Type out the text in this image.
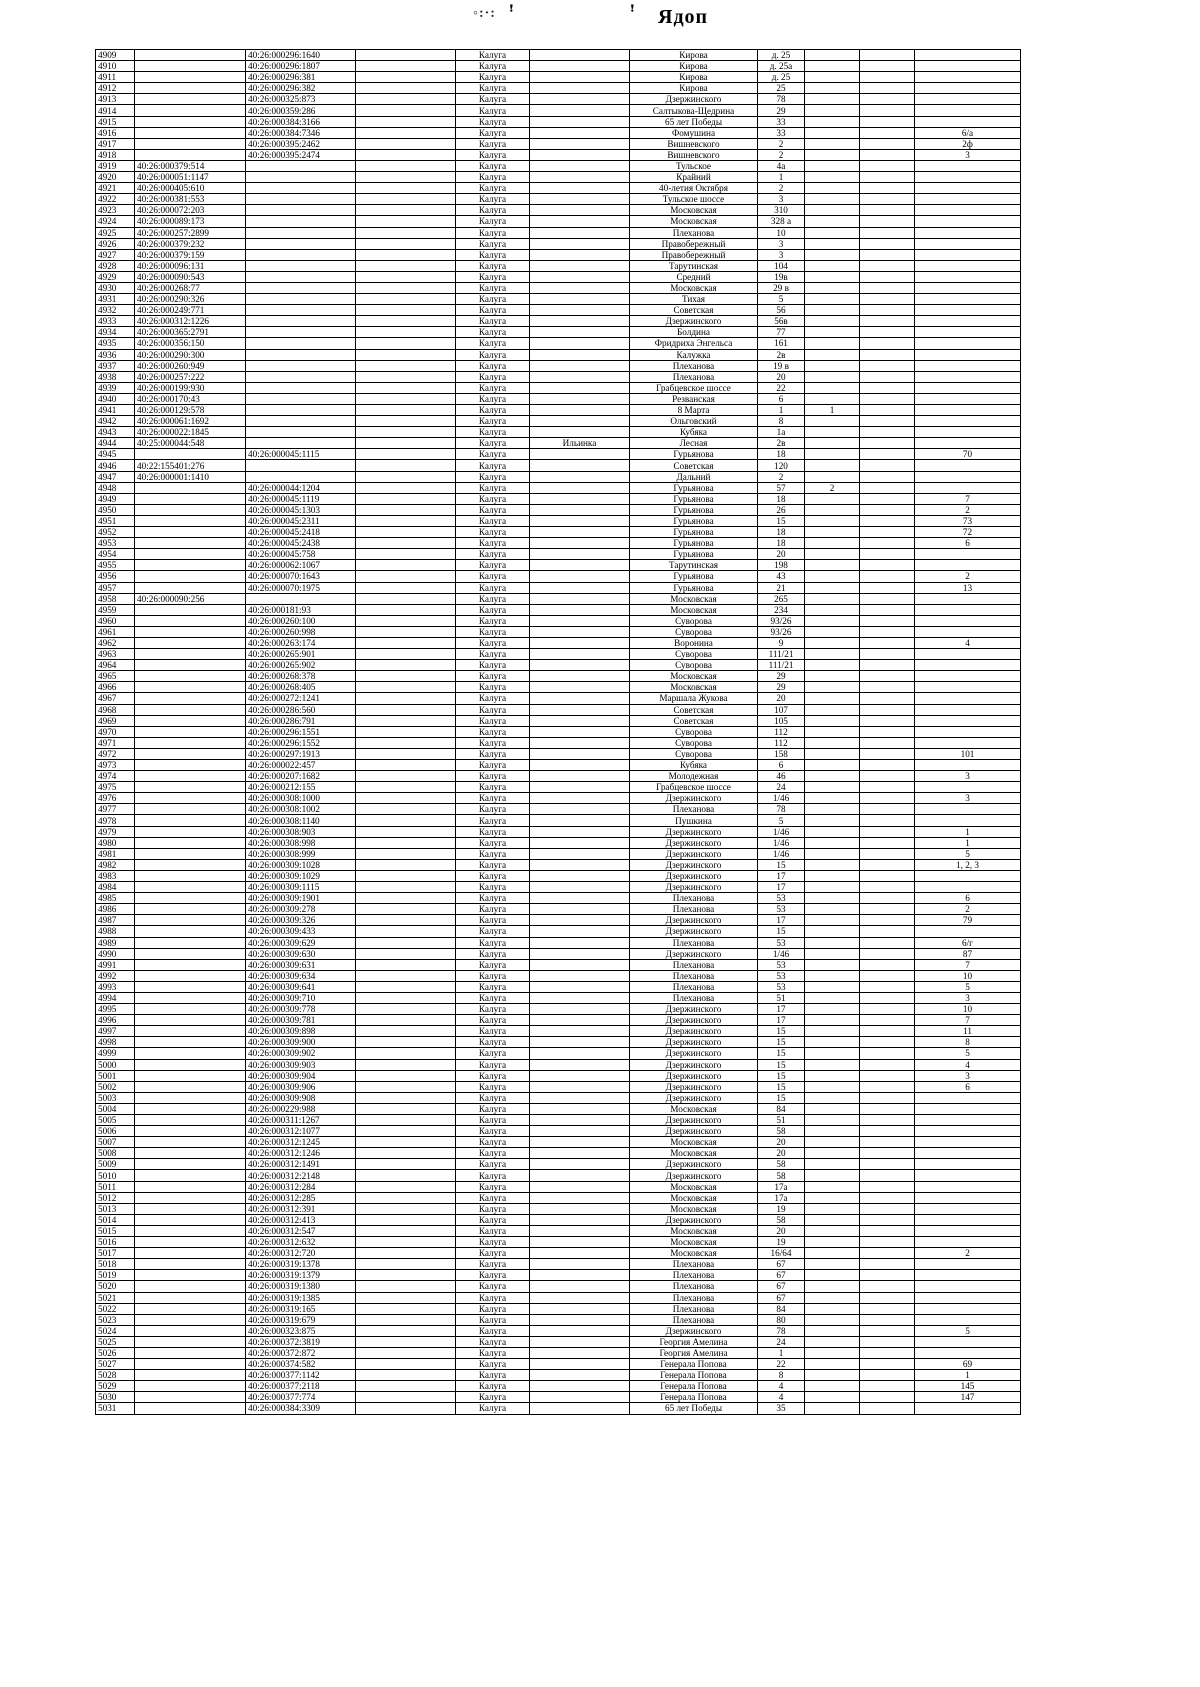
◦:·: ꜝ	ꜝ Ядоп
4909		40:26:000296:1640		Калуга		Кирова	д. 25			
4910		40:26:000296:1807		Калуга		Кирова	д. 25а			
4911		40:26:000296:381		Калуга		Кирова	д. 25			
4912		40:26:000296:382		Калуга		Кирова	25			
4913		40:26:000325:873		Калуга		Дзержинского	78			
4914		40:26:000359:286		Калуга		Салтыкова-Щедрина	29			
4915		40:26:000384:3166		Калуга		65 лет Победы	33			
4916		40:26:000384:7346		Калуга		Фомушина	33			6/а
4917		40:26:000395:2462		Калуга		Вишневского	2			2ф
4918		40:26:000395:2474		Калуга		Вишневского	2			3
4919	40:26:000379:514			Калуга		Тульское	4а			
4920	40:26:000051:1147			Калуга		Крайний	1			
4921	40:26:000405:610			Калуга		40-летия Октября	2			
4922	40:26:000381:553			Калуга		Тульское шоссе	3			
4923	40:26:000072:203			Калуга		Московская	310			
4924	40:26:000089:173			Калуга		Московская	328 а			
4925	40:26:000257:2899			Калуга		Плеханова	10			
4926	40:26:000379:232			Калуга		Правобережный	3			
4927	40:26:000379:159			Калуга		Правобережный	3			
4928	40:26:000096:131			Калуга		Тарутинская	104			
4929	40:26:000090:543			Калуга		Средний	19в			
4930	40:26:000268:77			Калуга		Московская	29 в			
4931	40:26:000290:326			Калуга		Тихая	5			
4932	40:26:000249:771			Калуга		Советская	56			
4933	40:26:000312:1226			Калуга		Дзержинского	56в			
4934	40:26:000365:2791			Калуга		Болдина	77			
4935	40:26:000356:150			Калуга		Фридриха Энгельса	161			
4936	40:26:000290:300			Калуга		Калужка	2в			
4937	40:26:000260:949			Калуга		Плеханова	19 в			
4938	40:26:000257:222			Калуга		Плеханова	20			
4939	40:26:000199:930			Калуга		Грабцевское шоссе	22			
4940	40:26:000170:43			Калуга		Резванская	6			
4941	40:26:000129:578			Калуга		8 Марта	1	1		
4942	40:26:000061:1692			Калуга		Ольговский	8			
4943	40:26:000022:1845			Калуга		Кубяка	1а			
4944	40:25:000044:548			Калуга	Ильинка	Лесная	2в			
4945		40:26:000045:1115		Калуга		Гурьянова	18			70
4946	40:22:155401:276			Калуга		Советская	120			
4947	40:26:000001:1410			Калуга		Дальний	2			
4948		40:26:000044:1204		Калуга		Гурьянова	57	2		
4949		40:26:000045:1119		Калуга		Гурьянова	18			7
4950		40:26:000045:1303		Калуга		Гурьянова	26			2
4951		40:26:000045:2311		Калуга		Гурьянова	15			73
4952		40:26:000045:2418		Калуга		Гурьянова	18			72
4953		40:26:000045:2438		Калуга		Гурьянова	18			6
4954		40:26:000045:758		Калуга		Гурьянова	20			
4955		40:26:000062:1067		Калуга		Тарутинская	198			
4956		40:26:000070:1643		Калуга		Гурьянова	43			2
4957		40:26:000070:1975		Калуга		Гурьянова	21			13
4958	40:26:000090:256			Калуга		Московская	265			
4959		40:26:000181:93		Калуга		Московская	234			
4960		40:26:000260:100		Калуга		Суворова	93/26			
4961		40:26:000260:998		Калуга		Суворова	93/26			
4962		40:26:000263:174		Калуга		Воронина	9			4
4963		40:26:000265:901		Калуга		Суворова	111/21			
4964		40:26:000265:902		Калуга		Суворова	111/21			
4965		40:26:000268:378		Калуга		Московская	29			
4966		40:26:000268:405		Калуга		Московская	29			
4967		40:26:000272:1241		Калуга		Маршала Жукова	20			
4968		40:26:000286:560		Калуга		Советская	107			
4969		40:26:000286:791		Калуга		Советская	105			
4970		40:26:000296:1551		Калуга		Суворова	112			
4971		40:26:000296:1552		Калуга		Суворова	112			
4972		40:26:000297:1913		Калуга		Суворова	158			101
4973		40:26:000022:457		Калуга		Кубяка	6			
4974		40:26:000207:1682		Калуга		Молодежная	46			3
4975		40:26:000212:155		Калуга		Грабцевское шоссе	24			
4976		40:26:000308:1000		Калуга		Дзержинского	1/46			3
4977		40:26:000308:1002		Калуга		Плеханова	78			
4978		40:26:000308:1140		Калуга		Пушкина	5			
4979		40:26:000308:903		Калуга		Дзержинского	1/46			1
4980		40:26:000308:998		Калуга		Дзержинского	1/46			1
4981		40:26:000308:999		Калуга		Дзержинского	1/46			5
4982		40:26:000309:1028		Калуга		Дзержинского	15			1, 2, 3
4983		40:26:000309:1029		Калуга		Дзержинского	17			
4984		40:26:000309:1115		Калуга		Дзержинского	17			
4985		40:26:000309:1901		Калуга		Плеханова	53			6
4986		40:26:000309:278		Калуга		Плеханова	53			2
4987		40:26:000309:326		Калуга		Дзержинского	17			79
4988		40:26:000309:433		Калуга		Дзержинского	15			
4989		40:26:000309:629		Калуга		Плеханова	53			6/г
4990		40:26:000309:630		Калуга		Дзержинского	1/46			87
4991		40:26:000309:631		Калуга		Плеханова	53			7
4992		40:26:000309:634		Калуга		Плеханова	53			10
4993		40:26:000309:641		Калуга		Плеханова	53			5
4994		40:26:000309:710		Калуга		Плеханова	51			3
4995		40:26:000309:778		Калуга		Дзержинского	17			10
4996		40:26:000309:781		Калуга		Дзержинского	17			7
4997		40:26:000309:898		Калуга		Дзержинского	15			11
4998		40:26:000309:900		Калуга		Дзержинского	15			8
4999		40:26:000309:902		Калуга		Дзержинского	15			5
5000		40:26:000309:903		Калуга		Дзержинского	15			4
5001		40:26:000309:904		Калуга		Дзержинского	15			3
5002		40:26:000309:906		Калуга		Дзержинского	15			6
5003		40:26:000309:908		Калуга		Дзержинского	15			
5004		40:26:000229:988		Калуга		Московская	84			
5005		40:26:000311:1267		Калуга		Дзержинского	51			
5006		40:26:000312:1077		Калуга		Дзержинского	58			
5007		40:26:000312:1245		Калуга		Московская	20			
5008		40:26:000312:1246		Калуга		Московская	20			
5009		40:26:000312:1491		Калуга		Дзержинского	58			
5010		40:26:000312:2148		Калуга		Дзержинского	58			
5011		40:26:000312:284		Калуга		Московская	17а			
5012		40:26:000312:285		Калуга		Московская	17а			
5013		40:26:000312:391		Калуга		Московская	19			
5014		40:26:000312:413		Калуга		Дзержинского	58			
5015		40:26:000312:547		Калуга		Московская	20			
5016		40:26:000312:632		Калуга		Московская	19			
5017		40:26:000312:720		Калуга		Московская	16/64			2
5018		40:26:000319:1378		Калуга		Плеханова	67			
5019		40:26:000319:1379		Калуга		Плеханова	67			
5020		40:26:000319:1380		Калуга		Плеханова	67			
5021		40:26:000319:1385		Калуга		Плеханова	67			
5022		40:26:000319:165		Калуга		Плеханова	84			
5023		40:26:000319:679		Калуга		Плеханова	80			
5024		40:26:000323:875		Калуга		Дзержинского	78			5
5025		40:26:000372:3819		Калуга		Георгия Амелина	24			
5026		40:26:000372:872		Калуга		Георгия Амелина	1			
5027		40:26:000374:582		Калуга		Генерала Попова	22			69
5028		40:26:000377:1142		Калуга		Генерала Попова	8			1
5029		40:26:000377:2118		Калуга		Генерала Попова	4			145
5030		40:26:000377:774		Калуга		Генерала Попова	4			147
5031		40:26:000384:3309		Калуга		65 лет Победы	35			
